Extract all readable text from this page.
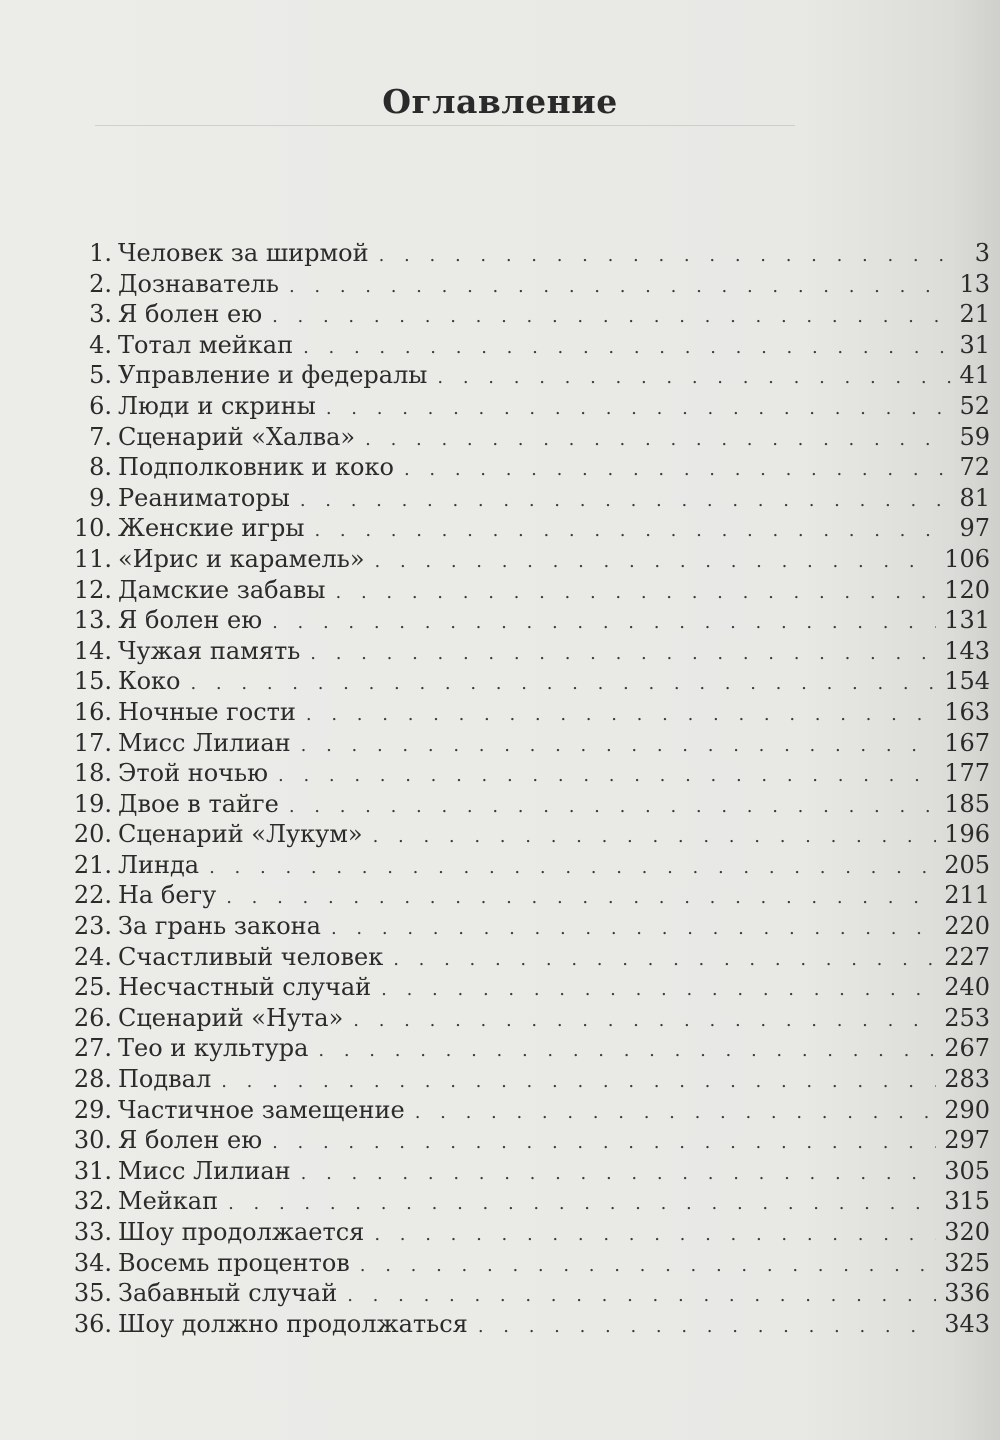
Оглавление
1. Человек за ширмой . . .	3
2. Дознаватель . . .	13
3. Я болен ею . . .	21
4. Тотал мейкап . . .	31
5. Управление и федералы . . .	41
6. Люди и скрины . . .	52
7. Сценарий «Халва» . . .	59
8. Подполковник и коко . . .	72
9. Реаниматоры . . .	81
10. Женские игры . . .	97
11. «Ирис и карамель» . . .	106
12. Дамские забавы . . .	120
13. Я болен ею . . .	131
14. Чужая память . . .	143
15. Коко . . .	154
16. Ночные гости . . .	163
17. Мисс Лилиан . . .	167
18. Этой ночью . . .	177
19. Двое в тайге . . .	185
20. Сценарий «Лукум» . . .	196
21. Линда . . .	205
22. На бегу . . .	211
23. За грань закона . . .	220
24. Счастливый человек . . .	227
25. Несчастный случай . . .	240
26. Сценарий «Нута» . . .	253
27. Тео и культура . . .	267
28. Подвал . . .	283
29. Частичное замещение . . .	290
30. Я болен ею . . .	297
31. Мисс Лилиан . . .	305
32. Мейкап . . .	315
33. Шоу продолжается . . .	320
34. Восемь процентов . . .	325
35. Забавный случай . . .	336
36. Шоу должно продолжаться . . .	343
